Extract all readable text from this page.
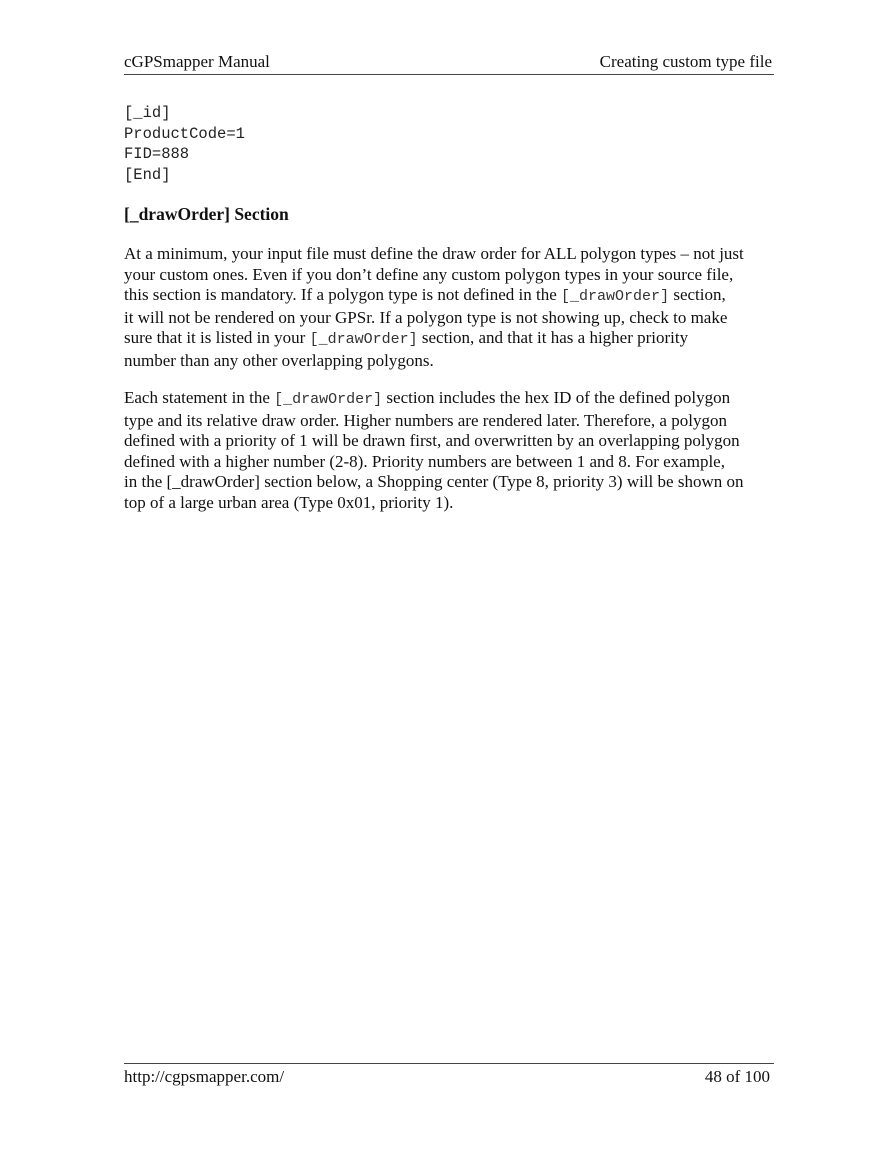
cGPSmapper Manual	Creating custom type file
[_id]
ProductCode=1
FID=888
[End]
[_drawOrder] Section
At a minimum, your input file must define the draw order for ALL polygon types – not just
your custom ones. Even if you don’t define any custom polygon types in your source file,
this section is mandatory. If a polygon type is not defined in the [_drawOrder] section,
it will not be rendered on your GPSr. If a polygon type is not showing up, check to make
sure that it is listed in your [_drawOrder] section, and that it has a higher priority
number than any other overlapping polygons.
Each statement in the [_drawOrder] section includes the hex ID of the defined polygon
type and its relative draw order. Higher numbers are rendered later. Therefore, a polygon
defined with a priority of 1 will be drawn first, and overwritten by an overlapping polygon
defined with a higher number (2-8). Priority numbers are between 1 and 8. For example,
in the [_drawOrder] section below, a Shopping center (Type 8, priority 3) will be shown on
top of a large urban area (Type 0x01, priority 1).
http://cgpsmapper.com/	48 of 100
